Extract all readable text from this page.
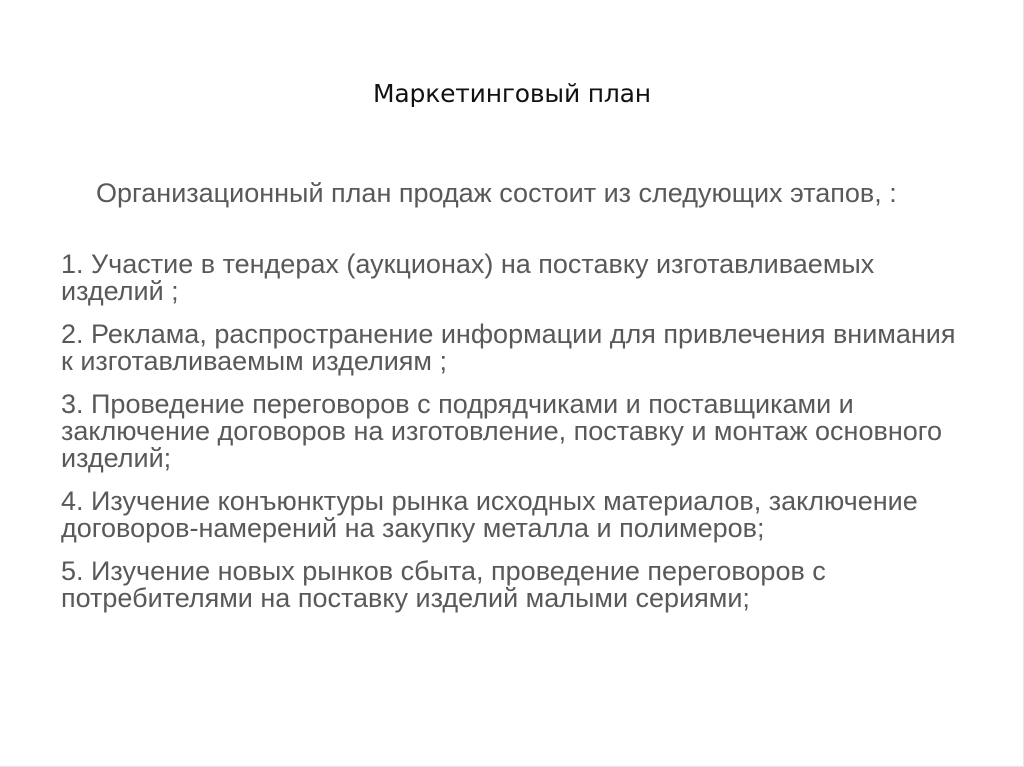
Маркетинговый план

Организационный план продаж состоит из следующих этапов, :

1. Участие в тендерах (аукционах) на поставку изготавливаемых изделий ;
2. Реклама, распространение информации для привлечения внимания к изготавливаемым изделиям ;
3. Проведение переговоров с подрядчиками и поставщиками и заключение договоров на изготовление, поставку и монтаж основного изделий;
4. Изучение конъюнктуры рынка исходных материалов, заключение договоров-намерений на закупку металла и полимеров;
5. Изучение новых рынков сбыта, проведение переговоров с потребителями на поставку изделий малыми сериями;
